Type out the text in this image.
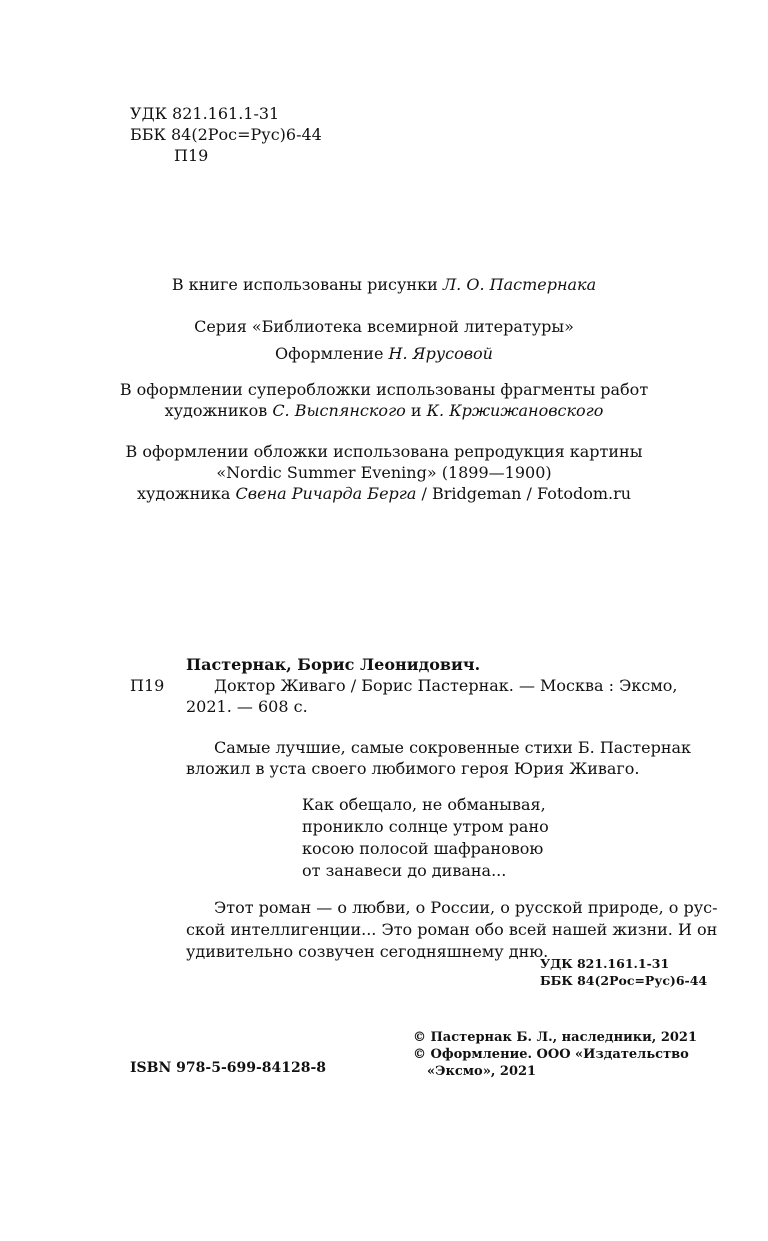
УДК 821.161.1-31
ББК 84(2Рос=Рус)6-44
П19
В книге использованы рисунки Л. О. Пастернака
Серия «Библиотека всемирной литературы»
Оформление Н. Ярусовой
В оформлении суперобложки использованы фрагменты работ
художников С. Выспянского и К. Кржижановского
В оформлении обложки использована репродукция картины
«Nordic Summer Evening» (1899—1900)
художника Свена Ричарда Берга / Bridgeman / Fotodom.ru
Пастернак, Борис Леонидович.
П19	Доктор Живаго / Борис Пастернак. — Москва : Эксмо,
2021. — 608 с.
Самые лучшие, самые сокровенные стихи Б. Пастернак
вложил в уста своего любимого героя Юрия Живаго.
Как обещало, не обманывая,
проникло солнце утром рано
косою полосой шафрановою
от занавеси до дивана...
Этот роман — о любви, о России, о русской природе, о рус-
ской интеллигенции... Это роман обо всей нашей жизни. И он
удивительно созвучен сегодняшнему дню.
УДК 821.161.1-31
ББК 84(2Рос=Рус)6-44
© Пастернак Б. Л., наследники, 2021
© Оформление. ООО «Издательство
«Эксмо», 2021
ISBN 978-5-699-84128-8
